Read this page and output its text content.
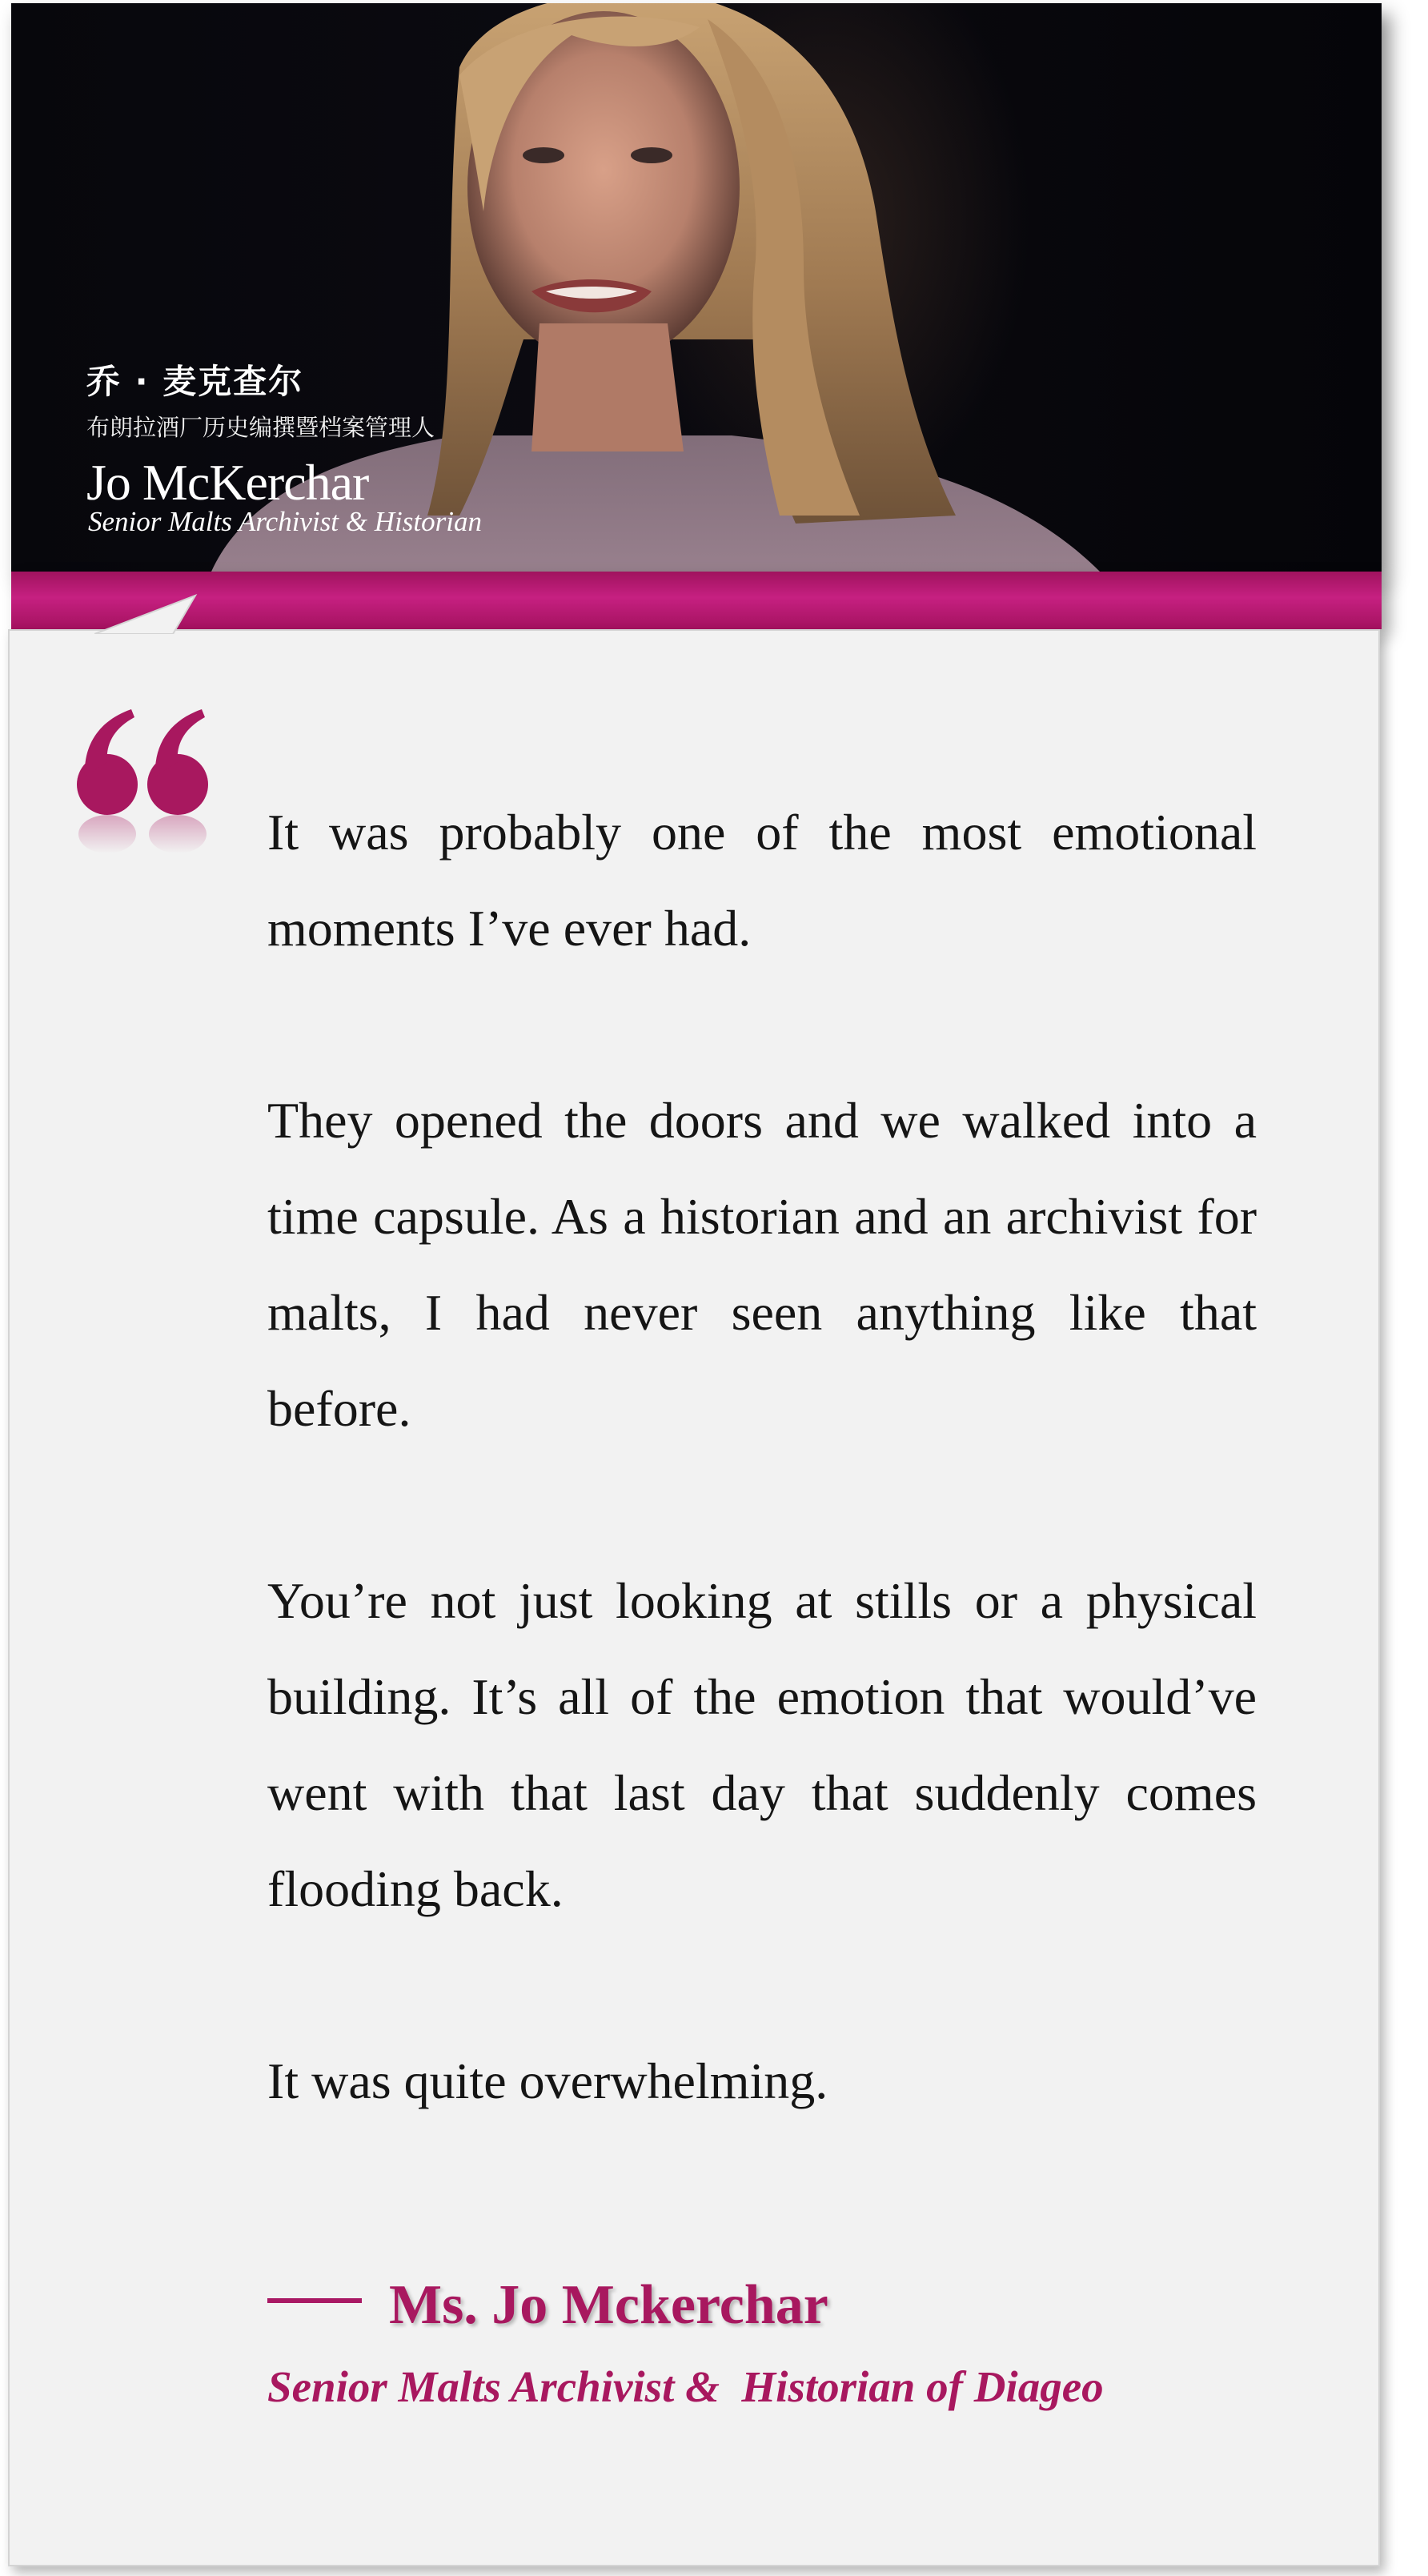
乔 · 麦克查尔
布朗拉酒厂历史编撰暨档案管理人
Jo McKerchar
Senior Malts Archivist & Historian

It was probably one of the most emotional moments I’ve ever had.

They opened the doors and we walked into a time capsule. As a historian and an archivist for malts, I had never seen anything like that before.

You’re not just looking at stills or a physical building. It’s all of the emotion that would’ve went with that last day that suddenly comes flooding back.

It was quite overwhelming.

Ms. Jo Mckerchar
Senior Malts Archivist &  Historian of Diageo
